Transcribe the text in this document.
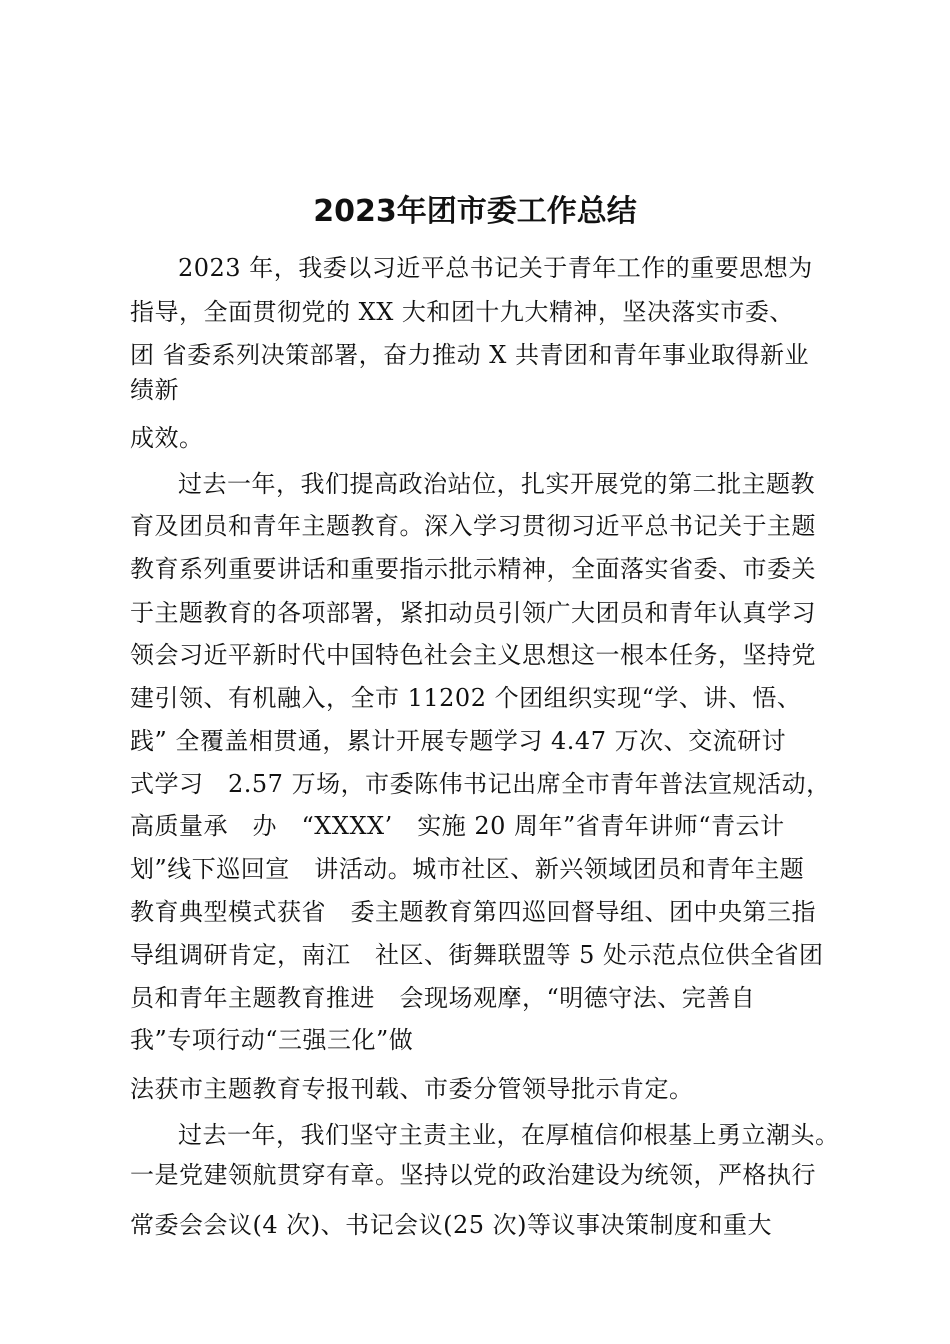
2023年团市委工作总结
2023 年，我委以习近平总书记关于青年工作的重要思想为
指导，全面贯彻党的 XX 大和团十九大精神，坚决落实市委、
团 省委系列决策部署，奋力推动 X 共青团和青年事业取得新业
绩新
成效。
过去一年，我们提高政治站位，扎实开展党的第二批主题教
育及团员和青年主题教育。深入学习贯彻习近平总书记关于主题
教育系列重要讲话和重要指示批示精神，全面落实省委、市委关
于主题教育的各项部署，紧扣动员引领广大团员和青年认真学习
领会习近平新时代中国特色社会主义思想这一根本任务，坚持党
建引领、有机融入，全市 11202 个团组织实现“学、讲、悟、
践” 全覆盖相贯通，累计开展专题学习 4.47 万次、交流研讨
式学习　2.57 万场，市委陈伟书记出席全市青年普法宣规活动，
高质量承　办　“XXXX’　实施 20 周年”省青年讲师“青云计
划”线下巡回宣　讲活动。城市社区、新兴领域团员和青年主题
教育典型模式获省　委主题教育第四巡回督导组、团中央第三指
导组调研肯定，南江　社区、街舞联盟等 5 处示范点位供全省团
员和青年主题教育推进　会现场观摩，“明德守法、完善自
我”专项行动“三强三化”做
法获市主题教育专报刊载、市委分管领导批示肯定。
过去一年，我们坚守主责主业，在厚植信仰根基上勇立潮头。
一是党建领航贯穿有章。坚持以党的政治建设为统领，严格执行
常委会会议(4 次)、书记会议(25 次)等议事决策制度和重大
